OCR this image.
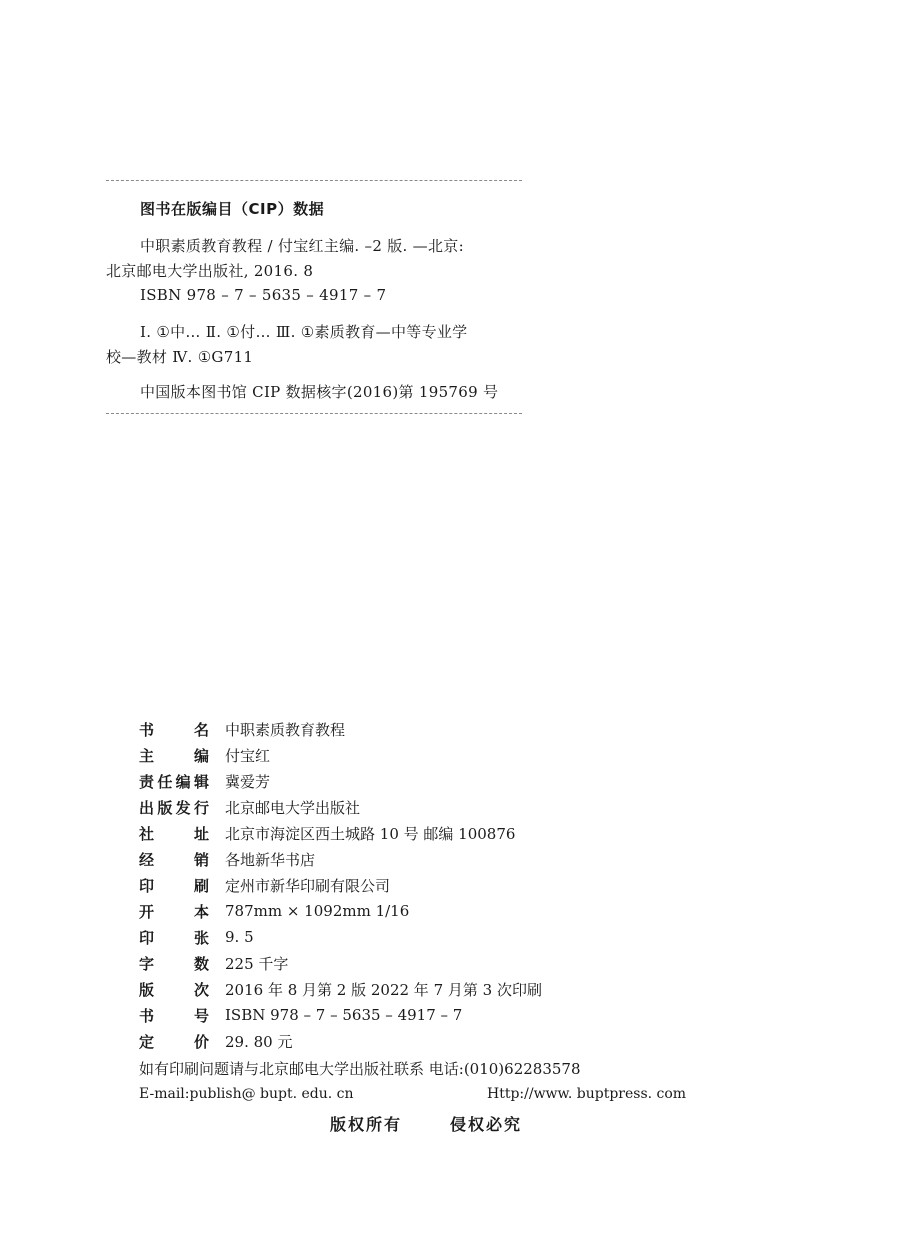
图书在版编目（CIP）数据
中职素质教育教程 / 付宝红主编. –2 版. —北京:
北京邮电大学出版社, 2016. 8
ISBN 978 – 7 – 5635 – 4917 – 7
Ⅰ. ①中… Ⅱ. ①付… Ⅲ. ①素质教育—中等专业学
校—教材 Ⅳ. ①G711
中国版本图书馆 CIP 数据核字(2016)第 195769 号
书名 中职素质教育教程
主编 付宝红
责任编辑 冀爱芳
出版发行 北京邮电大学出版社
社址 北京市海淀区西土城路 10 号 邮编 100876
经销 各地新华书店
印刷 定州市新华印刷有限公司
开本 787mm × 1092mm 1/16
印张 9. 5
字数 225 千字
版次 2016 年 8 月第 2 版 2022 年 7 月第 3 次印刷
书号 ISBN 978 – 7 – 5635 – 4917 – 7
定价 29. 80 元
如有印刷问题请与北京邮电大学出版社联系 电话:(010)62283578
E-mail:publish@ bupt. edu. cn	Http://www. buptpress. com
版权所有	侵权必究
